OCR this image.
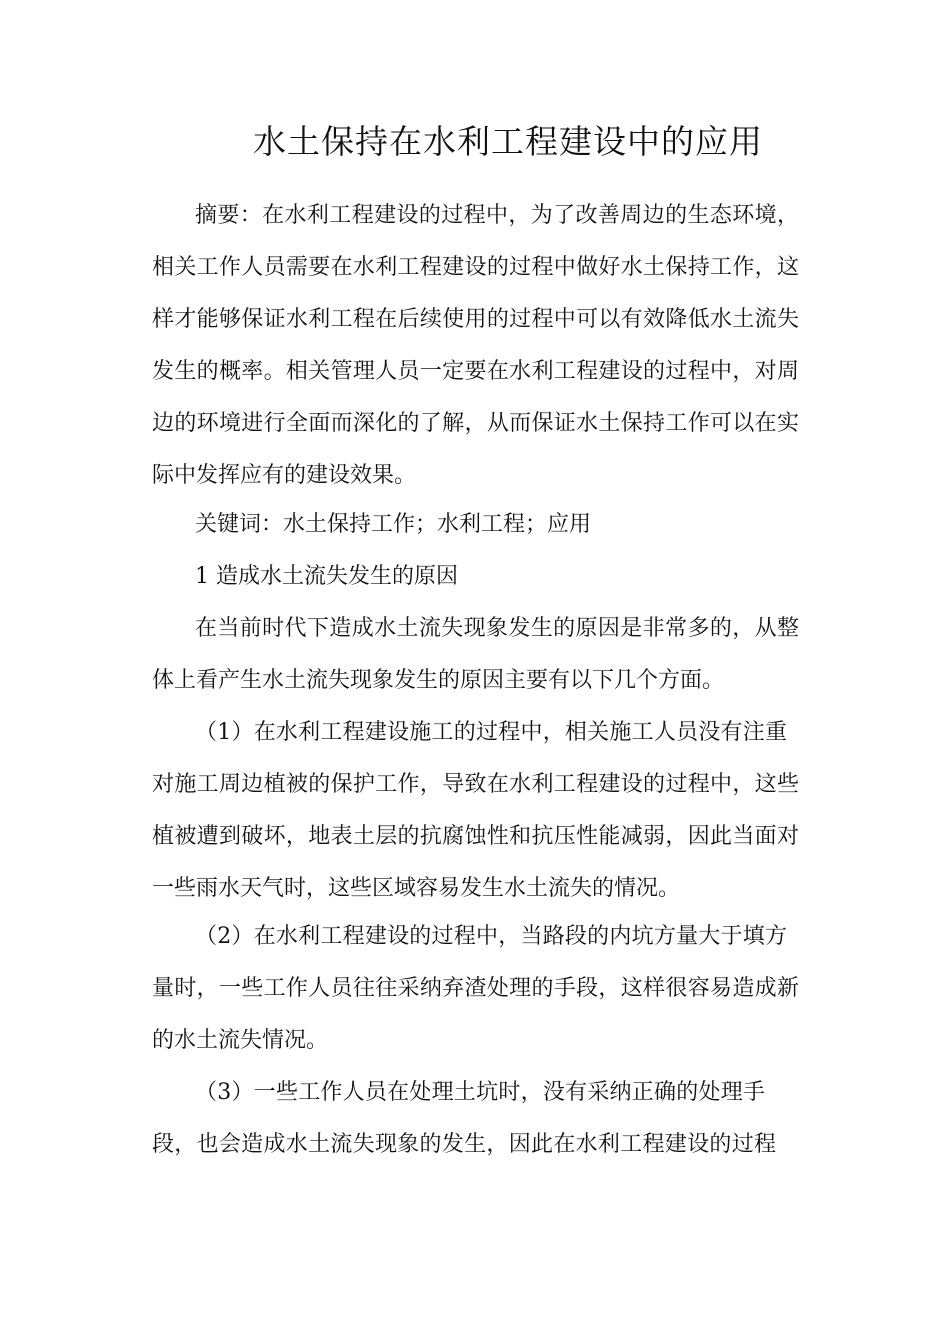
水土保持在水利工程建设中的应用
摘要：在水利工程建设的过程中，为了改善周边的生态环境，
相关工作人员需要在水利工程建设的过程中做好水土保持工作，这
样才能够保证水利工程在后续使用的过程中可以有效降低水土流失
发生的概率。相关管理人员一定要在水利工程建设的过程中，对周
边的环境进行全面而深化的了解，从而保证水土保持工作可以在实
际中发挥应有的建设效果。
关键词：水土保持工作；水利工程；应用
1 造成水土流失发生的原因
在当前时代下造成水土流失现象发生的原因是非常多的，从整
体上看产生水土流失现象发生的原因主要有以下几个方面。
（1）在水利工程建设施工的过程中，相关施工人员没有注重
对施工周边植被的保护工作，导致在水利工程建设的过程中，这些
植被遭到破坏，地表土层的抗腐蚀性和抗压性能减弱，因此当面对
一些雨水天气时，这些区域容易发生水土流失的情况。
（2）在水利工程建设的过程中，当路段的内坑方量大于填方
量时，一些工作人员往往采纳弃渣处理的手段，这样很容易造成新
的水土流失情况。
（3）一些工作人员在处理土坑时，没有采纳正确的处理手
段，也会造成水土流失现象的发生，因此在水利工程建设的过程
